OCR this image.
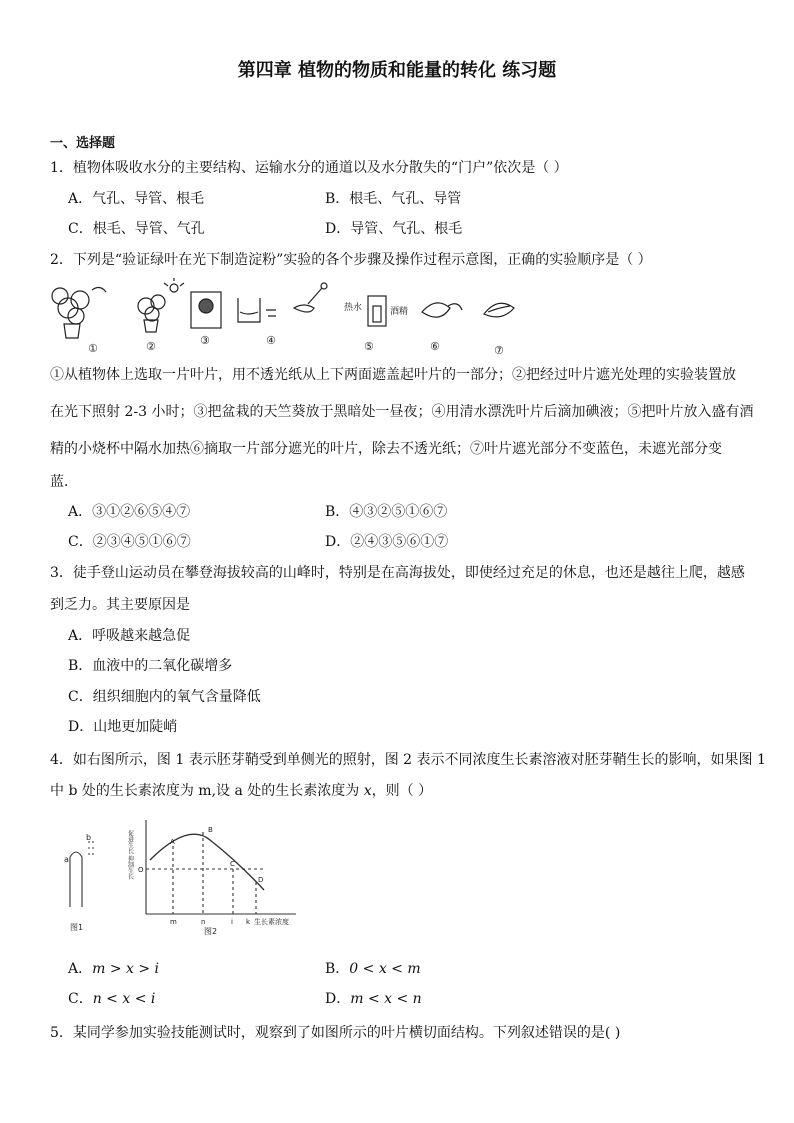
第四章 植物的物质和能量的转化 练习题
一、选择题
1．植物体吸收水分的主要结构、运输水分的通道以及水分散失的“门户”依次是（ ）
A．气孔、导管、根毛	B．根毛、气孔、导管
C．根毛、导管、气孔	D．导管、气孔、根毛
2．下列是“验证绿叶在光下制造淀粉”实验的各个步骤及操作过程示意图，正确的实验顺序是（ ）
热水	酒精
①	②	③	④	⑤	⑥	⑦
①从植物体上选取一片叶片，用不透光纸从上下两面遮盖起叶片的一部分；②把经过叶片遮光处理的实验装置放
在光下照射 2-3 小时；③把盆栽的天竺葵放于黑暗处一昼夜；④用清水漂洗叶片后滴加碘液；⑤把叶片放入盛有酒
精的小烧杯中隔水加热⑥摘取一片部分遮光的叶片，除去不透光纸；⑦叶片遮光部分不变蓝色，未遮光部分变
蓝．
A．③①②⑥⑤④⑦	B．④③②⑤①⑥⑦
C．②③④⑤①⑥⑦	D．②④③⑤⑥①⑦
3．徒手登山运动员在攀登海拔较高的山峰时，特别是在高海拔处，即使经过充足的休息，也还是越往上爬，越感
到乏力。其主要原因是
A．呼吸越来越急促
B．血液中的二氧化碳增多
C．组织细胞内的氧气含量降低
D．山地更加陡峭
4．如右图所示，图 1 表示胚芽鞘受到单侧光的照射，图 2 表示不同浓度生长素溶液对胚芽鞘生长的影响，如果图 1
中 b 处的生长素浓度为 m,设 a 处的生长素浓度为 x，则（ ）
a
b
图1	图2
O
A
B
C
D
m	n	i k 生长素浓度
促进生长 抑制生长
A．m > x > i	B．0 < x < m
C．n < x < i	D．m < x < n
5．某同学参加实验技能测试时，观察到了如图所示的叶片横切面结构。下列叙述错误的是( )
